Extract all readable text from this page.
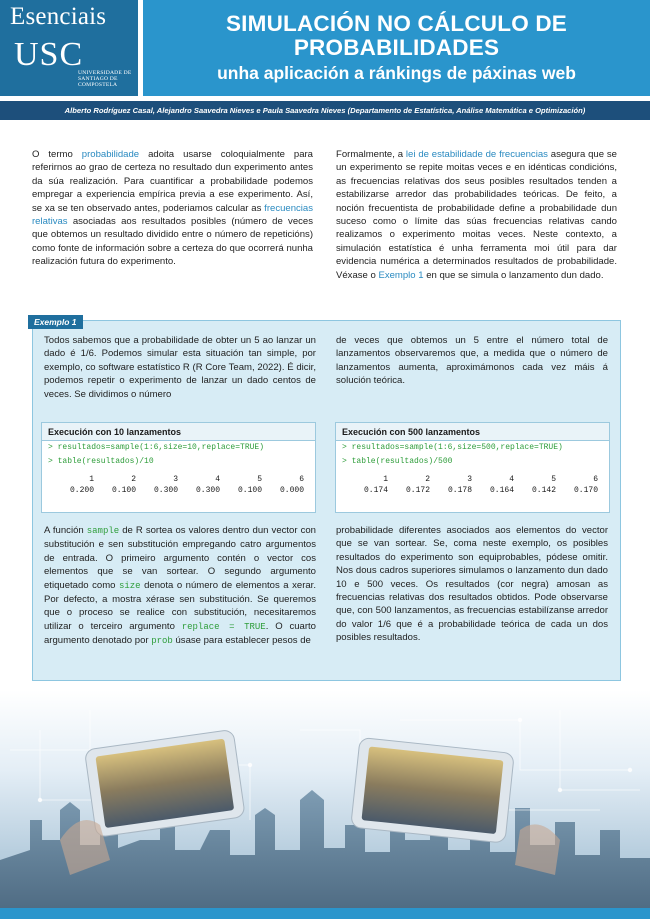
Esenciais
USC
UNIVERSIDADE DE SANTIAGO DE COMPOSTELA
SIMULACIÓN NO CÁLCULO DE
PROBABILIDADES
unha aplicación a ránkings de páxinas web
Alberto Rodríguez Casal, Alejandro Saavedra Nieves e Paula Saavedra Nieves (Departamento de Estatística, Análise Matemática e Optimización)
O termo probabilidade adoita usarse coloquialmente para referirnos ao grao de certeza no resultado dun experimento antes da súa realización. Para cuantificar a probabilidade podemos empregar a experiencia empírica previa a ese experimento. Así, se xa se ten observado antes, poderiamos calcular as frecuencias relativas asociadas aos resultados posibles (número de veces que obtemos un resultado dividido entre o número de repeticións) como fonte de información sobre a certeza do que ocorrerá nunha realización futura do experimento.
Formalmente, a lei de estabilidade de frecuencias asegura que se un experimento se repite moitas veces e en idénticas condicións, as frecuencias relativas dos seus posibles resultados tenden a estabilizarse arredor das probabilidades teóricas. De feito, a noción frecuentista de probabilidade define a probabilidade dun suceso como o límite das súas frecuencias relativas cando realizamos o experimento moitas veces. Neste contexto, a simulación estatística é unha ferramenta moi útil para dar evidencia numérica a determinados resultados de probabilidade. Véxase o Exemplo 1 en que se simula o lanzamento dun dado.
Exemplo 1
Todos sabemos que a probabilidade de obter un 5 ao lanzar un dado é 1/6. Podemos simular esta situación tan simple, por exemplo, co software estatístico R (R Core Team, 2022). É dicir, podemos repetir o experimento de lanzar un dado centos de veces. Se dividimos o número
de veces que obtemos un 5 entre el número total de lanzamentos observaremos que, a medida que o número de lanzamentos aumenta, aproximámonos cada vez máis á solución teórica.
Execución con 10 lanzamentos
> resultados=sample(1:6,size=10,replace=TRUE)
> table(resultados)/10
1	2	3	4	5	6
0.200	0.100	0.300	0.300	0.100	0.000
Execución con 500 lanzamentos
> resultados=sample(1:6,size=500,replace=TRUE)
> table(resultados)/500
1	2	3	4	5	6
0.174	0.172	0.178	0.164	0.142	0.170
A función sample de R sortea os valores dentro dun vector con substitución e sen substitución empregando catro argumentos de entrada. O primeiro argumento contén o vector cos elementos que se van sortear. O segundo argumento etiquetado como size denota o número de elementos a xerar. Por defecto, a mostra xérase sen substitución. Se queremos que o proceso se realice con substitución, necesitaremos utilizar o terceiro argumento replace = TRUE. O cuarto argumento denotado por prob úsase para establecer pesos de
probabilidade diferentes asociados aos elementos do vector que se van sortear. Se, coma neste exemplo, os posibles resultados do experimento son equiprobables, pódese omitir. Nos dous cadros superiores simulamos o lanzamento dun dado 10 e 500 veces. Os resultados (cor negra) amosan as frecuencias relativas dos resultados obtidos. Pode observarse que, con 500 lanzamentos, as frecuencias estabilízanse arredor do valor 1/6 que é a probabilidade teórica de cada un dos posibles resultados.
